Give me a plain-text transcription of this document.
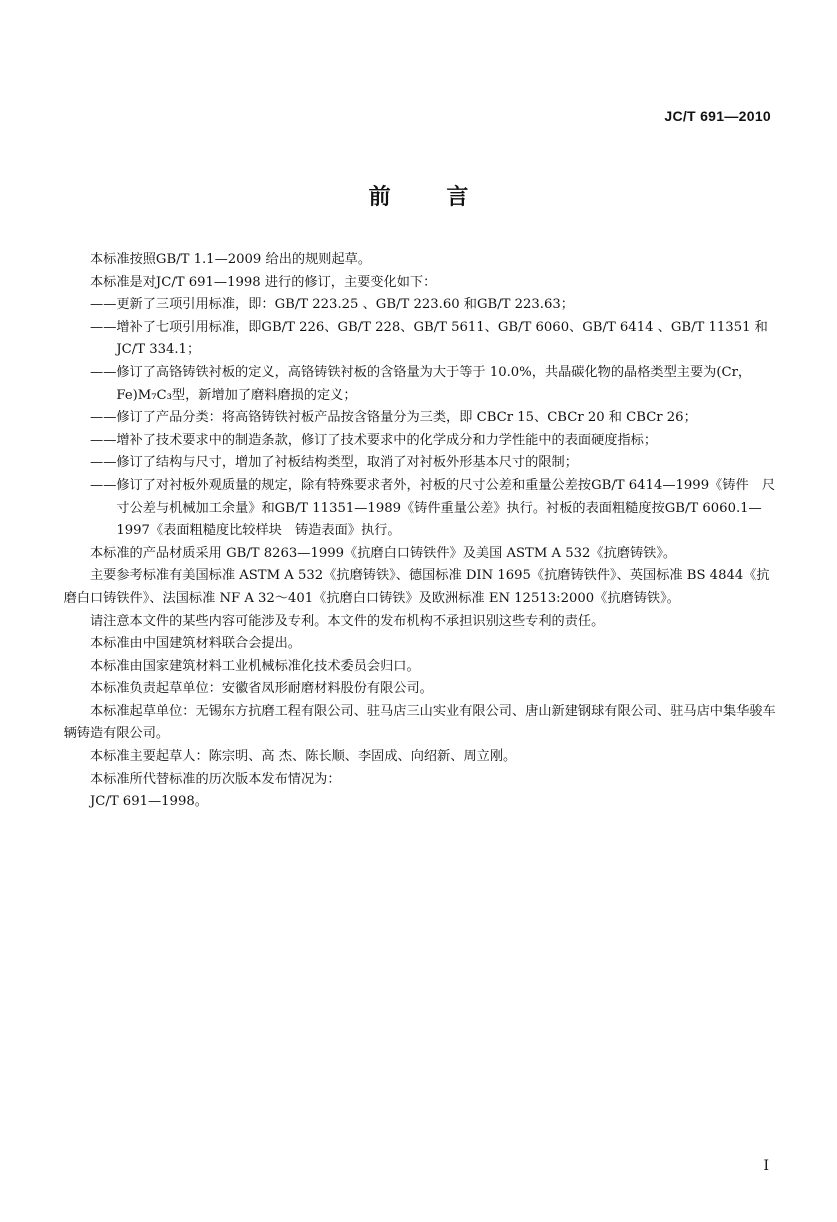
JC/T 691—2010
前 言

本标准按照GB/T 1.1—2009 给出的规则起草。

本标准是对JC/T 691—1998 进行的修订，主要变化如下：

——更新了三项引用标准，即：GB/T 223.25 、GB/T 223.60 和GB/T 223.63；

——增补了七项引用标准，即GB/T 226、GB/T 228、GB/T 5611、GB/T 6060、GB/T 6414 、GB/T 11351 和JC/T 334.1；

——修订了高铬铸铁衬板的定义，高铬铸铁衬板的含铬量为大于等于 10.0%，共晶碳化物的晶格类型主要为(Cr，Fe)M₇C₃型，新增加了磨料磨损的定义；

——修订了产品分类：将高铬铸铁衬板产品按含铬量分为三类，即 CBCr 15、CBCr 20 和 CBCr 26；

——增补了技术要求中的制造条款，修订了技术要求中的化学成分和力学性能中的表面硬度指标；

——修订了结构与尺寸，增加了衬板结构类型，取消了对衬板外形基本尺寸的限制；

——修订了对衬板外观质量的规定，除有特殊要求者外，衬板的尺寸公差和重量公差按GB/T 6414—1999《铸件　尺寸公差与机械加工余量》和GB/T 11351—1989《铸件重量公差》执行。衬板的表面粗糙度按GB/T 6060.1—1997《表面粗糙度比较样块　铸造表面》执行。

本标准的产品材质采用 GB/T 8263—1999《抗磨白口铸铁件》及美国 ASTM A 532《抗磨铸铁》。

主要参考标准有美国标准 ASTM A 532《抗磨铸铁》、德国标准 DIN 1695《抗磨铸铁件》、英国标准 BS 4844《抗磨白口铸铁件》、法国标准 NF A 32～401《抗磨白口铸铁》及欧洲标准 EN 12513:2000《抗磨铸铁》。

请注意本文件的某些内容可能涉及专利。本文件的发布机构不承担识别这些专利的责任。

本标准由中国建筑材料联合会提出。

本标准由国家建筑材料工业机械标准化技术委员会归口。

本标准负责起草单位：安徽省凤形耐磨材料股份有限公司。

本标准起草单位：无锡东方抗磨工程有限公司、驻马店三山实业有限公司、唐山新建钢球有限公司、驻马店中集华骏车辆铸造有限公司。

本标准主要起草人：陈宗明、高 杰、陈长顺、李固成、向绍新、周立刚。

本标准所代替标准的历次版本发布情况为：

JC/T 691—1998。

I
